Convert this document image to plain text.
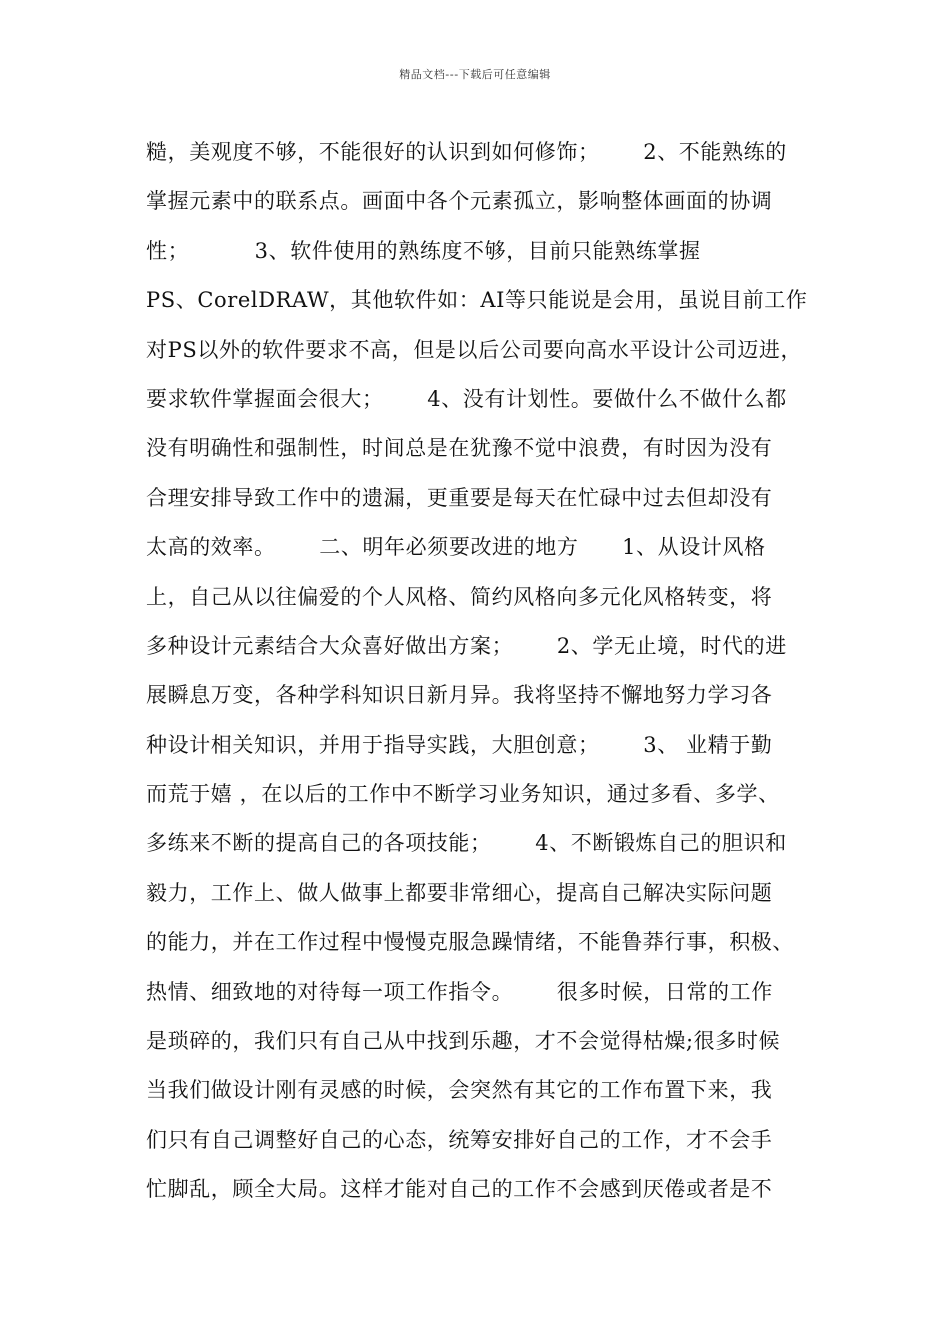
精品文档---下载后可任意编辑
糙，美观度不够，不能很好的认识到如何修饰；      2、不能熟练的
掌握元素中的联系点。画面中各个元素孤立，影响整体画面的协调
性；         3、软件使用的熟练度不够，目前只能熟练掌握
PS、CorelDRAW，其他软件如：AI等只能说是会用，虽说目前工作
对PS以外的软件要求不高，但是以后公司要向高水平设计公司迈进，
要求软件掌握面会很大；      4、没有计划性。要做什么不做什么都
没有明确性和强制性，时间总是在犹豫不觉中浪费，有时因为没有
合理安排导致工作中的遗漏，更重要是每天在忙碌中过去但却没有
太高的效率。      二、明年必须要改进的地方      1、从设计风格
上，自己从以往偏爱的个人风格、简约风格向多元化风格转变，将
多种设计元素结合大众喜好做出方案；      2、学无止境，时代的进
展瞬息万变，各种学科知识日新月异。我将坚持不懈地努力学习各
种设计相关知识，并用于指导实践，大胆创意；      3、 业精于勤
而荒于嬉 ，在以后的工作中不断学习业务知识，通过多看、多学、
多练来不断的提高自己的各项技能；      4、不断锻炼自己的胆识和
毅力，工作上、做人做事上都要非常细心，提高自己解决实际问题
的能力，并在工作过程中慢慢克服急躁情绪，不能鲁莽行事，积极、
热情、细致地的对待每一项工作指令。      很多时候，日常的工作
是琐碎的，我们只有自己从中找到乐趣，才不会觉得枯燥;很多时候
当我们做设计刚有灵感的时候，会突然有其它的工作布置下来，我
们只有自己调整好自己的心态，统筹安排好自己的工作，才不会手
忙脚乱，顾全大局。这样才能对自己的工作不会感到厌倦或者是不
